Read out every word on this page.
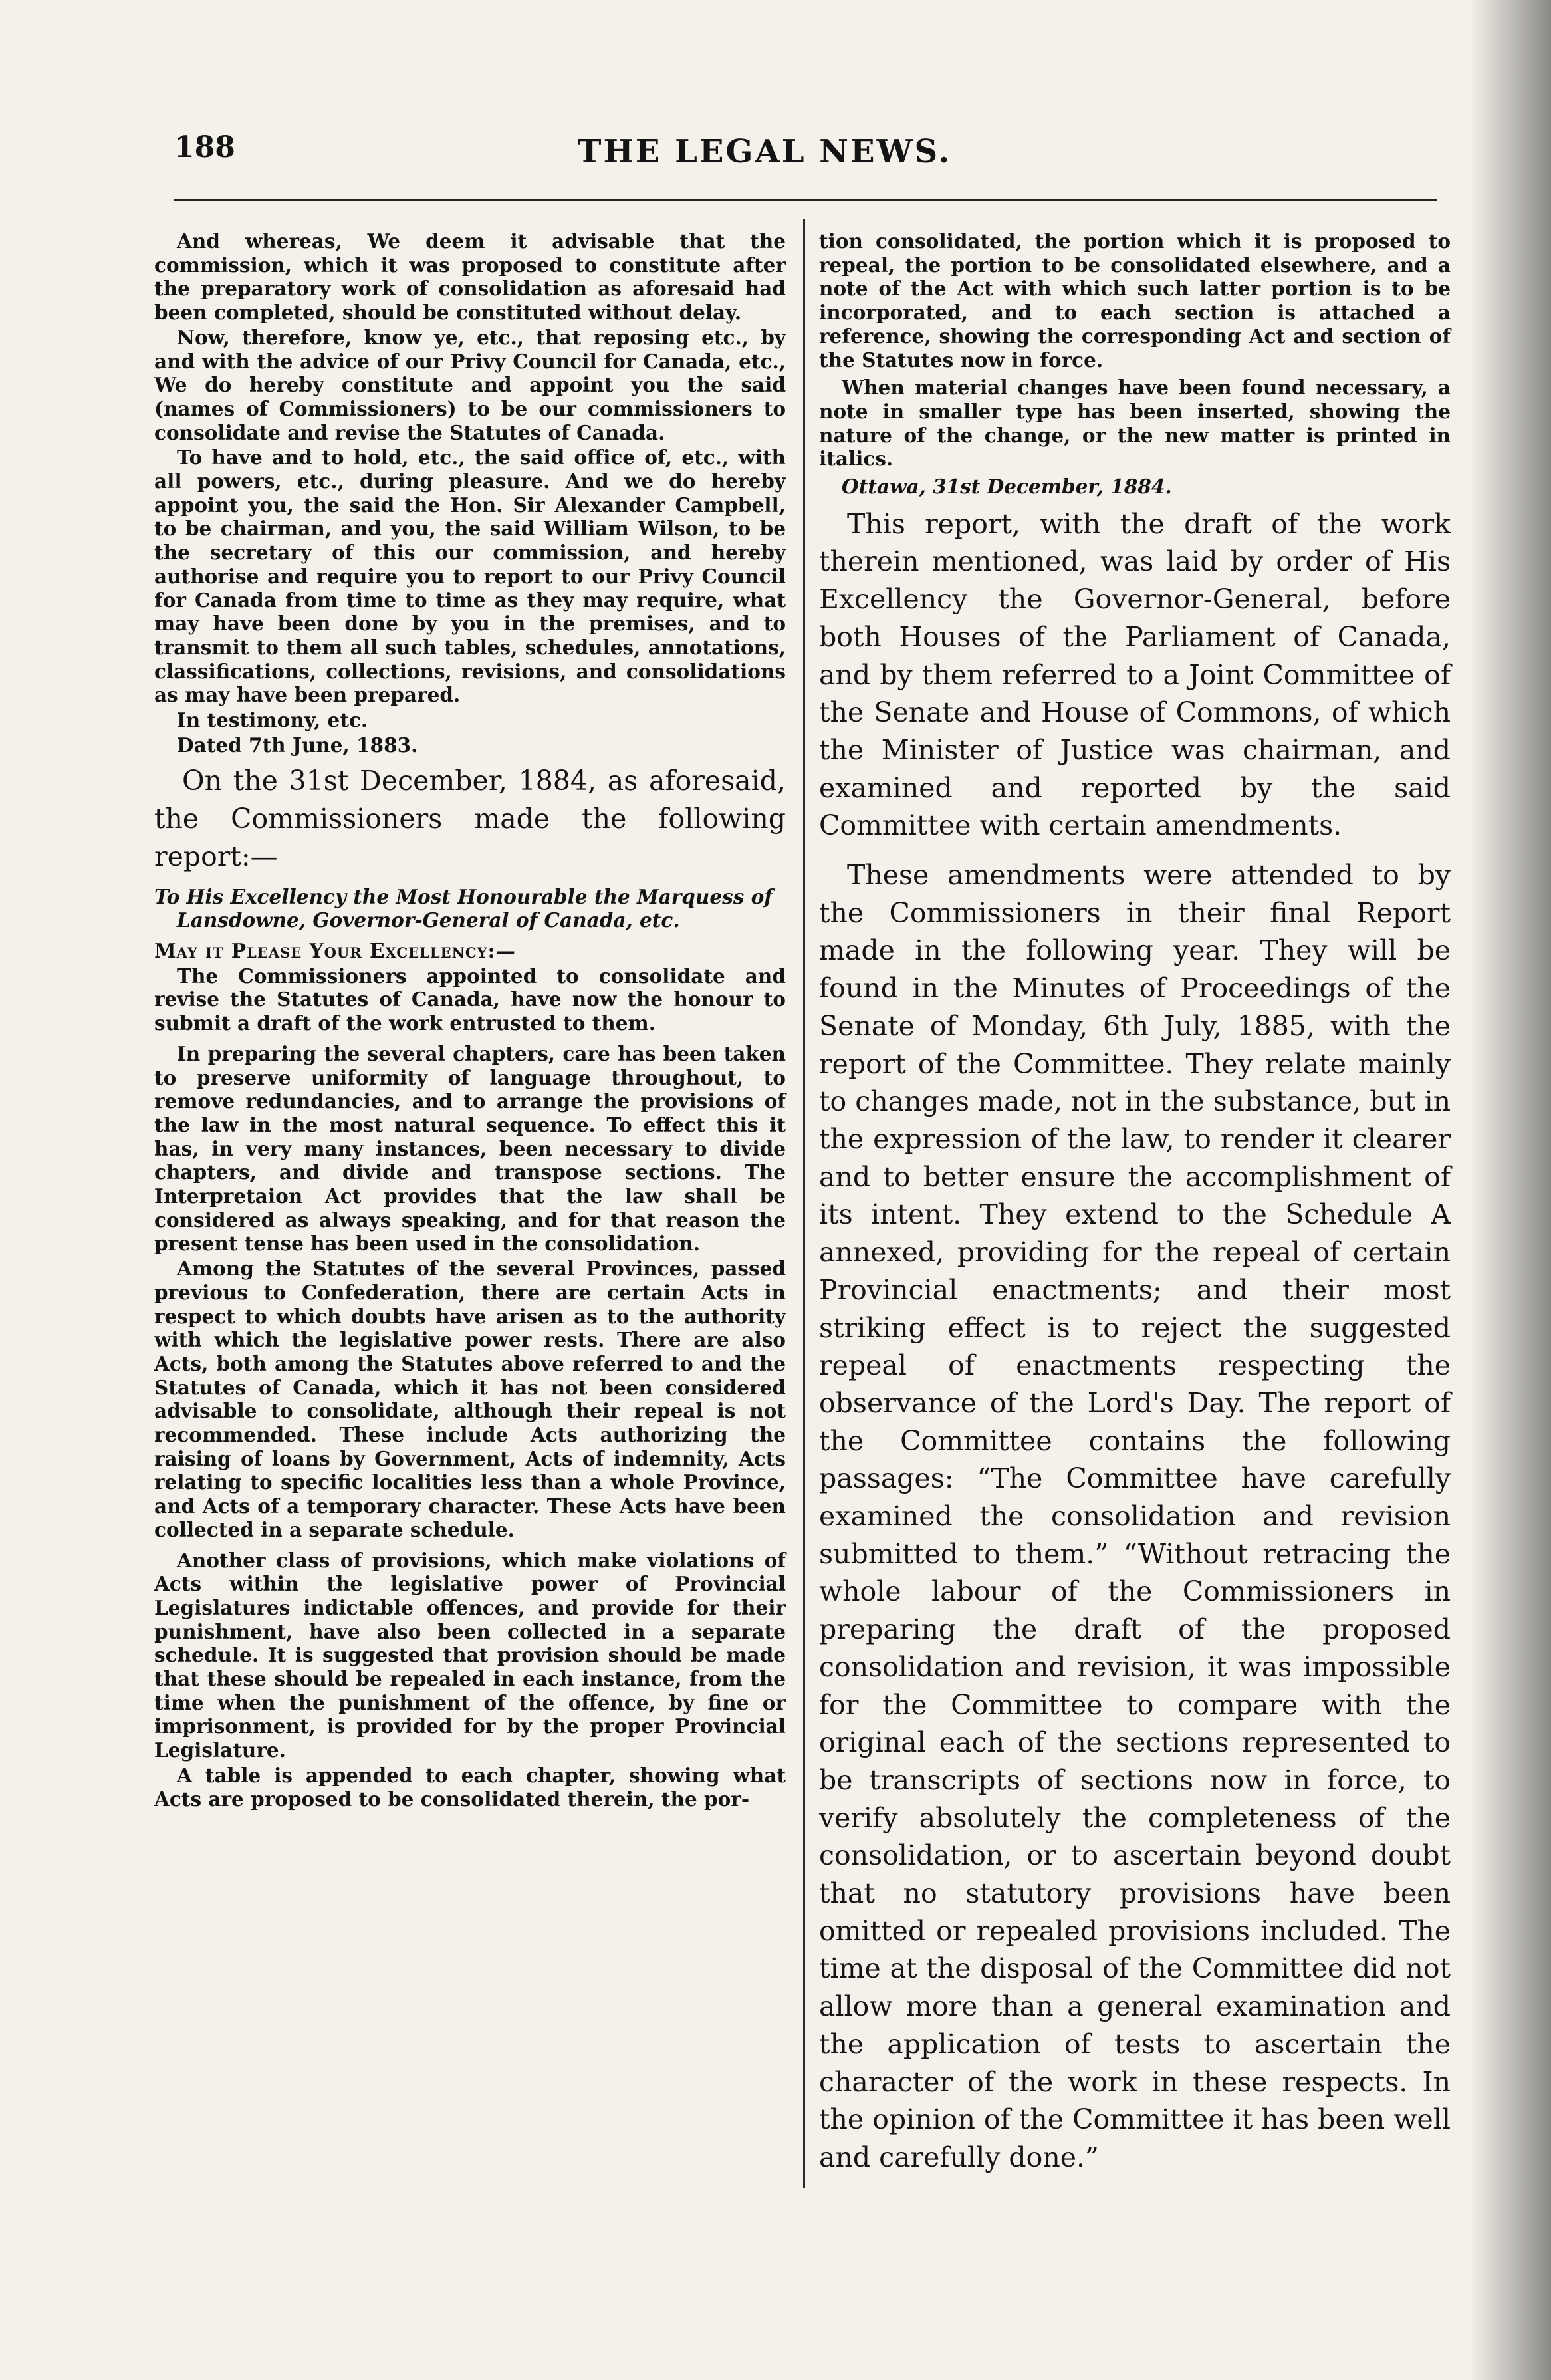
188	THE LEGAL NEWS.

And whereas, We deem it advisable that the commission, which it was proposed to constitute after the preparatory work of consolidation as aforesaid had been completed, should be constituted without delay.

Now, therefore, know ye, etc., that reposing etc., by and with the advice of our Privy Council for Canada, etc., We do hereby constitute and appoint you the said (names of Commissioners) to be our commissioners to consolidate and revise the Statutes of Canada.

To have and to hold, etc., the said office of, etc., with all powers, etc., during pleasure. And we do hereby appoint you, the said the Hon. Sir Alexander Campbell, to be chairman, and you, the said William Wilson, to be the secretary of this our commission, and hereby authorise and require you to report to our Privy Council for Canada from time to time as they may require, what may have been done by you in the premises, and to transmit to them all such tables, schedules, annotations, classifications, collections, revisions, and consolidations as may have been prepared.

In testimony, etc.

Dated 7th June, 1883.

On the 31st December, 1884, as aforesaid, the Commissioners made the following report:—

To His Excellency the Most Honourable the Marquess of Lansdowne, Governor-General of Canada, etc.

May it Please Your Excellency:—

The Commissioners appointed to consolidate and revise the Statutes of Canada, have now the honour to submit a draft of the work entrusted to them.

In preparing the several chapters, care has been taken to preserve uniformity of language throughout, to remove redundancies, and to arrange the provisions of the law in the most natural sequence. To effect this it has, in very many instances, been necessary to divide chapters, and divide and transpose sections. The Interpretaion Act provides that the law shall be considered as always speaking, and for that reason the present tense has been used in the consolidation.

Among the Statutes of the several Provinces, passed previous to Confederation, there are certain Acts in respect to which doubts have arisen as to the authority with which the legislative power rests. There are also Acts, both among the Statutes above referred to and the Statutes of Canada, which it has not been considered advisable to consolidate, although their repeal is not recommended. These include Acts authorizing the raising of loans by Government, Acts of indemnity, Acts relating to specific localities less than a whole Province, and Acts of a temporary character. These Acts have been collected in a separate schedule.

Another class of provisions, which make violations of Acts within the legislative power of Provincial Legislatures indictable offences, and provide for their punishment, have also been collected in a separate schedule. It is suggested that provision should be made that these should be repealed in each instance, from the time when the punishment of the offence, by fine or imprisonment, is provided for by the proper Provincial Legislature.

A table is appended to each chapter, showing what Acts are proposed to be consolidated therein, the por-

tion consolidated, the portion which it is proposed to repeal, the portion to be consolidated elsewhere, and a note of the Act with which such latter portion is to be incorporated, and to each section is attached a reference, showing the corresponding Act and section of the Statutes now in force.

When material changes have been found necessary, a note in smaller type has been inserted, showing the nature of the change, or the new matter is printed in italics.

Ottawa, 31st December, 1884.

This report, with the draft of the work therein mentioned, was laid by order of His Excellency the Governor-General, before both Houses of the Parliament of Canada, and by them referred to a Joint Committee of the Senate and House of Commons, of which the Minister of Justice was chairman, and examined and reported by the said Committee with certain amendments.

These amendments were attended to by the Commissioners in their final Report made in the following year. They will be found in the Minutes of Proceedings of the Senate of Monday, 6th July, 1885, with the report of the Committee. They relate mainly to changes made, not in the substance, but in the expression of the law, to render it clearer and to better ensure the accomplishment of its intent. They extend to the Schedule A annexed, providing for the repeal of certain Provincial enactments; and their most striking effect is to reject the suggested repeal of enactments respecting the observance of the Lord's Day. The report of the Committee contains the following passages: “The Committee have carefully examined the consolidation and revision submitted to them.” “Without retracing the whole labour of the Commissioners in preparing the draft of the proposed consolidation and revision, it was impossible for the Committee to compare with the original each of the sections represented to be transcripts of sections now in force, to verify absolutely the completeness of the consolidation, or to ascertain beyond doubt that no statutory provisions have been omitted or repealed provisions included. The time at the disposal of the Committee did not allow more than a general examination and the application of tests to ascertain the character of the work in these respects. In the opinion of the Committee it has been well and carefully done.”
